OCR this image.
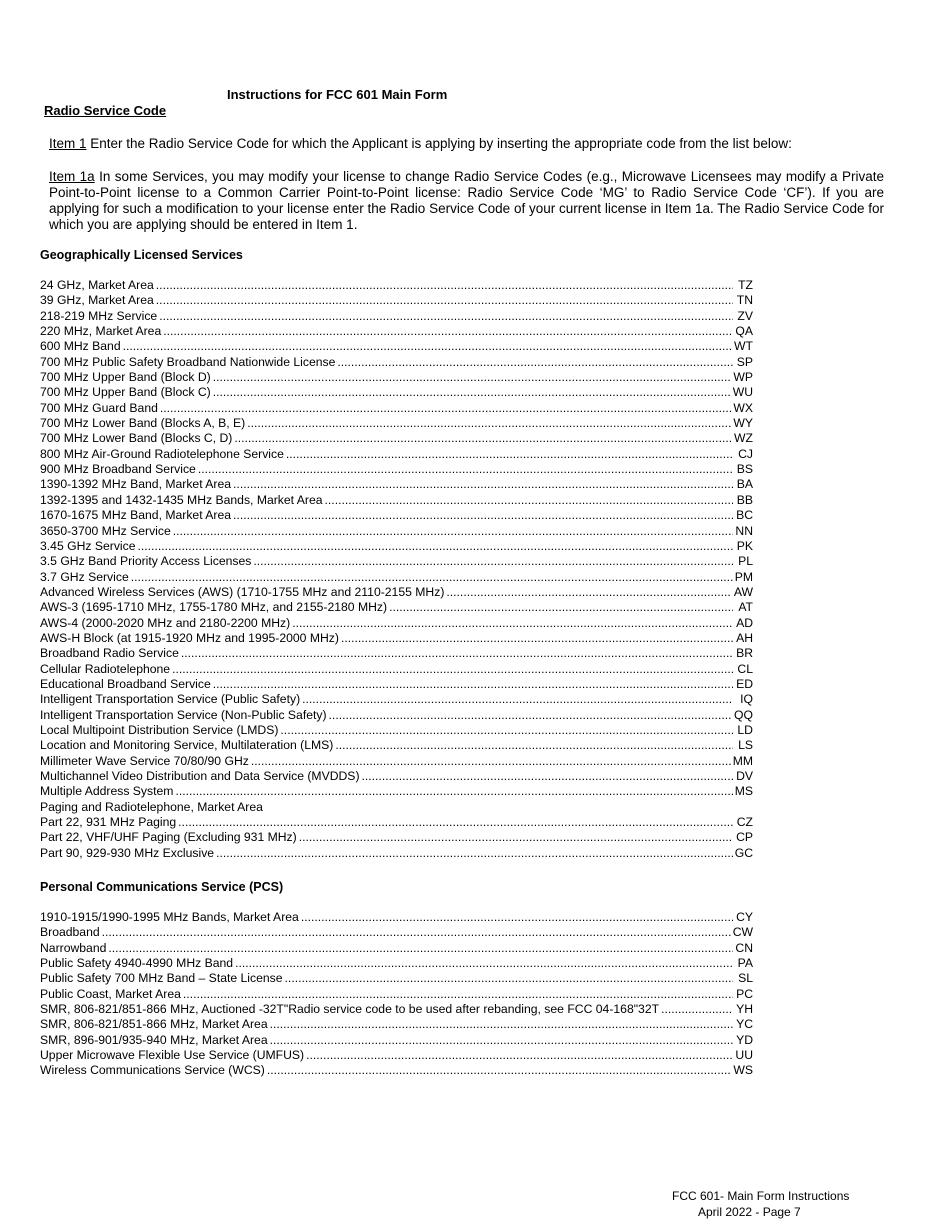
Instructions for FCC 601 Main Form
Radio Service Code
Item 1 Enter the Radio Service Code for which the Applicant is applying by inserting the appropriate code from the list below:
Item 1a In some Services, you may modify your license to change Radio Service Codes (e.g., Microwave Licensees may modify a Private Point-to-Point license to a Common Carrier Point-to-Point license: Radio Service Code ‘MG’ to Radio Service Code ‘CF’). If you are applying for such a modification to your license enter the Radio Service Code of your current license in Item 1a. The Radio Service Code for which you are applying should be entered in Item 1.
Geographically Licensed Services
24 GHz, Market Area .....	TZ
39 GHz, Market Area .....	TN
218-219 MHz Service .....	ZV
220 MHz, Market Area .....	QA
600 MHz Band .....	WT
700 MHz Public Safety Broadband Nationwide License .....	SP
700 MHz Upper Band (Block D) .....	WP
700 MHz Upper Band (Block C) .....	WU
700 MHz Guard Band .....	WX
700 MHz Lower Band (Blocks A, B, E) .....	WY
700 MHz Lower Band (Blocks C, D) .....	WZ
800 MHz Air-Ground Radiotelephone Service .....	CJ
900 MHz Broadband Service .....	BS
1390-1392 MHz Band, Market Area .....	BA
1392-1395 and 1432-1435 MHz Bands, Market Area .....	BB
1670-1675 MHz Band, Market Area .....	BC
3650-3700 MHz Service .....	NN
3.45 GHz Service .....	PK
3.5 GHz Band Priority Access Licenses .....	PL
3.7 GHz Service .....	PM
Advanced Wireless Services (AWS) (1710-1755 MHz and 2110-2155 MHz) .....	AW
AWS-3 (1695-1710 MHz, 1755-1780 MHz, and 2155-2180 MHz) .....	AT
AWS-4 (2000-2020 MHz and 2180-2200 MHz) .....	AD
AWS-H Block (at 1915-1920 MHz and 1995-2000 MHz) .....	AH
Broadband Radio Service .....	BR
Cellular Radiotelephone .....	CL
Educational Broadband Service .....	ED
Intelligent Transportation Service (Public Safety) .....	IQ
Intelligent Transportation Service (Non-Public Safety) .....	QQ
Local Multipoint Distribution Service (LMDS) .....	LD
Location and Monitoring Service, Multilateration (LMS) .....	LS
Millimeter Wave Service 70/80/90 GHz .....	MM
Multichannel Video Distribution and Data Service (MVDDS) .....	DV
Multiple Address System .....	MS
Paging and Radiotelephone, Market Area
Part 22, 931 MHz Paging .....	CZ
Part 22, VHF/UHF Paging (Excluding 931 MHz) .....	CP
Part 90, 929-930 MHz Exclusive .....	GC
Personal Communications Service (PCS)
1910-1915/1990-1995 MHz Bands, Market Area .....	CY
Broadband .....	CW
Narrowband .....	CN
Public Safety 4940-4990 MHz Band .....	PA
Public Safety 700 MHz Band – State License .....	SL
Public Coast, Market Area .....	PC
SMR, 806-821/851-866 MHz, Auctioned -32T"Radio service code to be used after rebanding, see FCC 04-168"32T .....	YH
SMR, 806-821/851-866 MHz, Market Area .....	YC
SMR, 896-901/935-940 MHz, Market Area .....	YD
Upper Microwave Flexible Use Service (UMFUS) .....	UU
Wireless Communications Service (WCS) .....	WS
FCC 601- Main Form Instructions
April 2022 - Page 7
